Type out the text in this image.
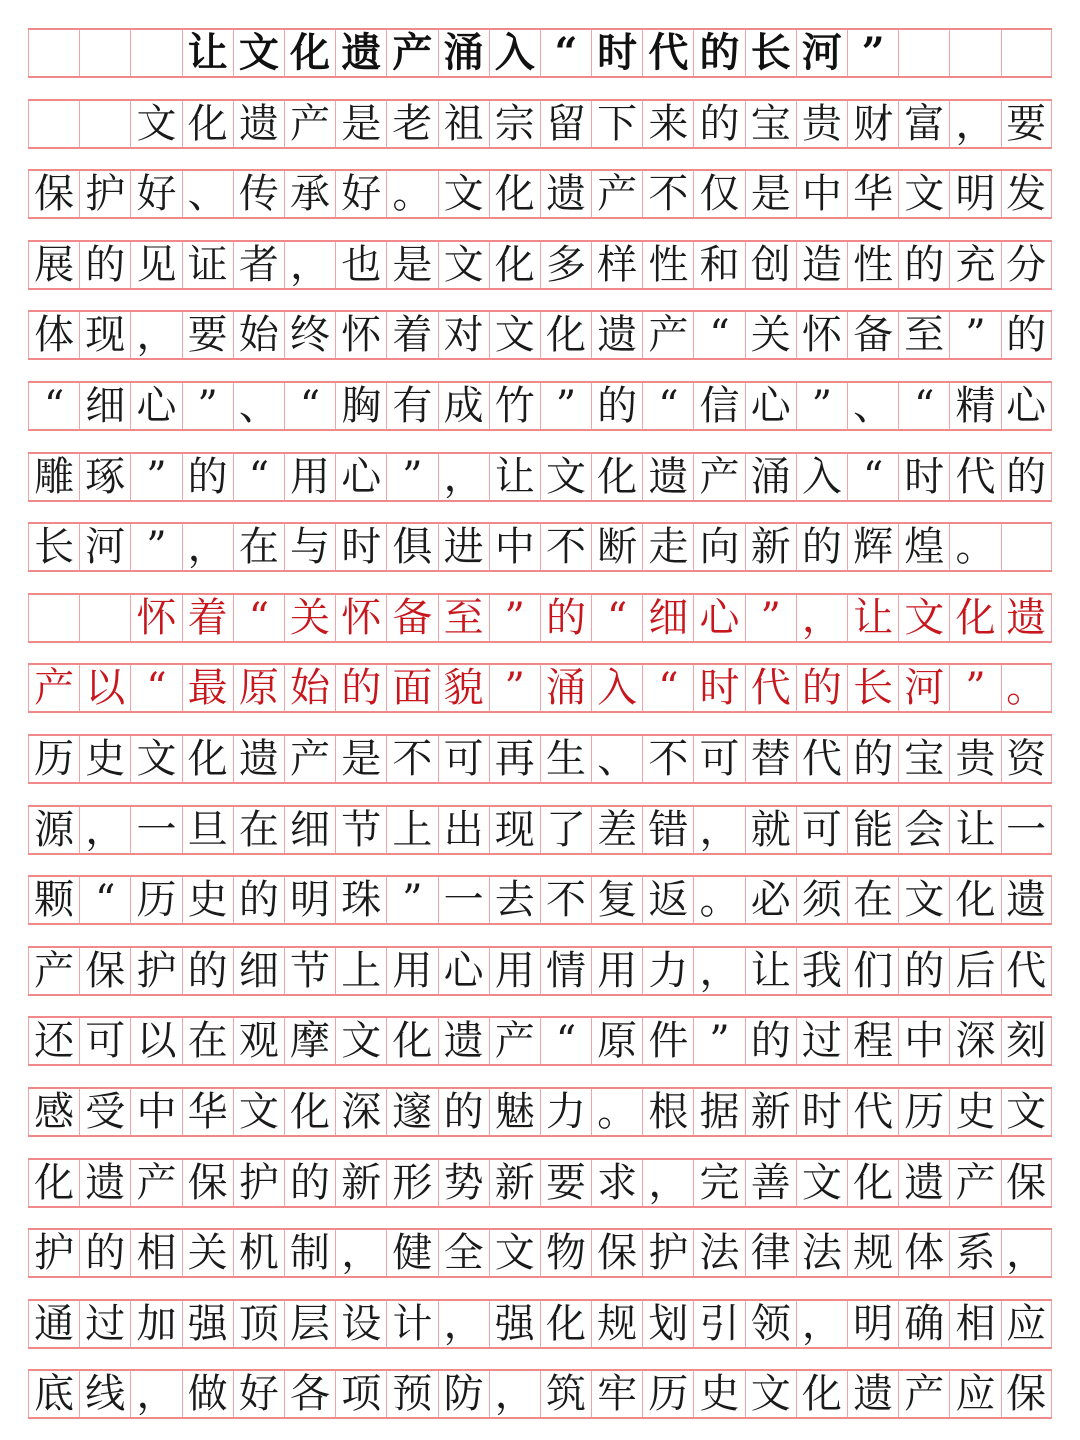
让 文 化 遗 产 涌 入 “ 时 代 的 长 河 ”
文 化 遗 产 是 老 祖 宗 留 下 来 的 宝 贵 财 富 ， 要
保 护 好 、 传 承 好 。 文 化 遗 产 不 仅 是 中 华 文 明 发
展 的 见 证 者 ， 也 是 文 化 多 样 性 和 创 造 性 的 充 分
体 现 ， 要 始 终 怀 着 对 文 化 遗 产 “ 关 怀 备 至 ” 的
“ 细 心 ” 、 “ 胸 有 成 竹 ” 的 “ 信 心 ” 、 “ 精 心
雕 琢 ” 的 “ 用 心 ” ， 让 文 化 遗 产 涌 入 “ 时 代 的
长 河 ” ， 在 与 时 俱 进 中 不 断 走 向 新 的 辉 煌 。
怀 着 “ 关 怀 备 至 ” 的 “ 细 心 ” ， 让 文 化 遗
产 以 “ 最 原 始 的 面 貌 ” 涌 入 “ 时 代 的 长 河 ” 。
历 史 文 化 遗 产 是 不 可 再 生 、 不 可 替 代 的 宝 贵 资
源 ， 一 旦 在 细 节 上 出 现 了 差 错 ， 就 可 能 会 让 一
颗 “ 历 史 的 明 珠 ” 一 去 不 复 返 。 必 须 在 文 化 遗
产 保 护 的 细 节 上 用 心 用 情 用 力 ， 让 我 们 的 后 代
还 可 以 在 观 摩 文 化 遗 产 “ 原 件 ” 的 过 程 中 深 刻
感 受 中 华 文 化 深 邃 的 魅 力 。 根 据 新 时 代 历 史 文
化 遗 产 保 护 的 新 形 势 新 要 求 ， 完 善 文 化 遗 产 保
护 的 相 关 机 制 ， 健 全 文 物 保 护 法 律 法 规 体 系 ，
通 过 加 强 顶 层 设 计 ， 强 化 规 划 引 领 ， 明 确 相 应
底 线 ， 做 好 各 项 预 防 ， 筑 牢 历 史 文 化 遗 产 应 保
